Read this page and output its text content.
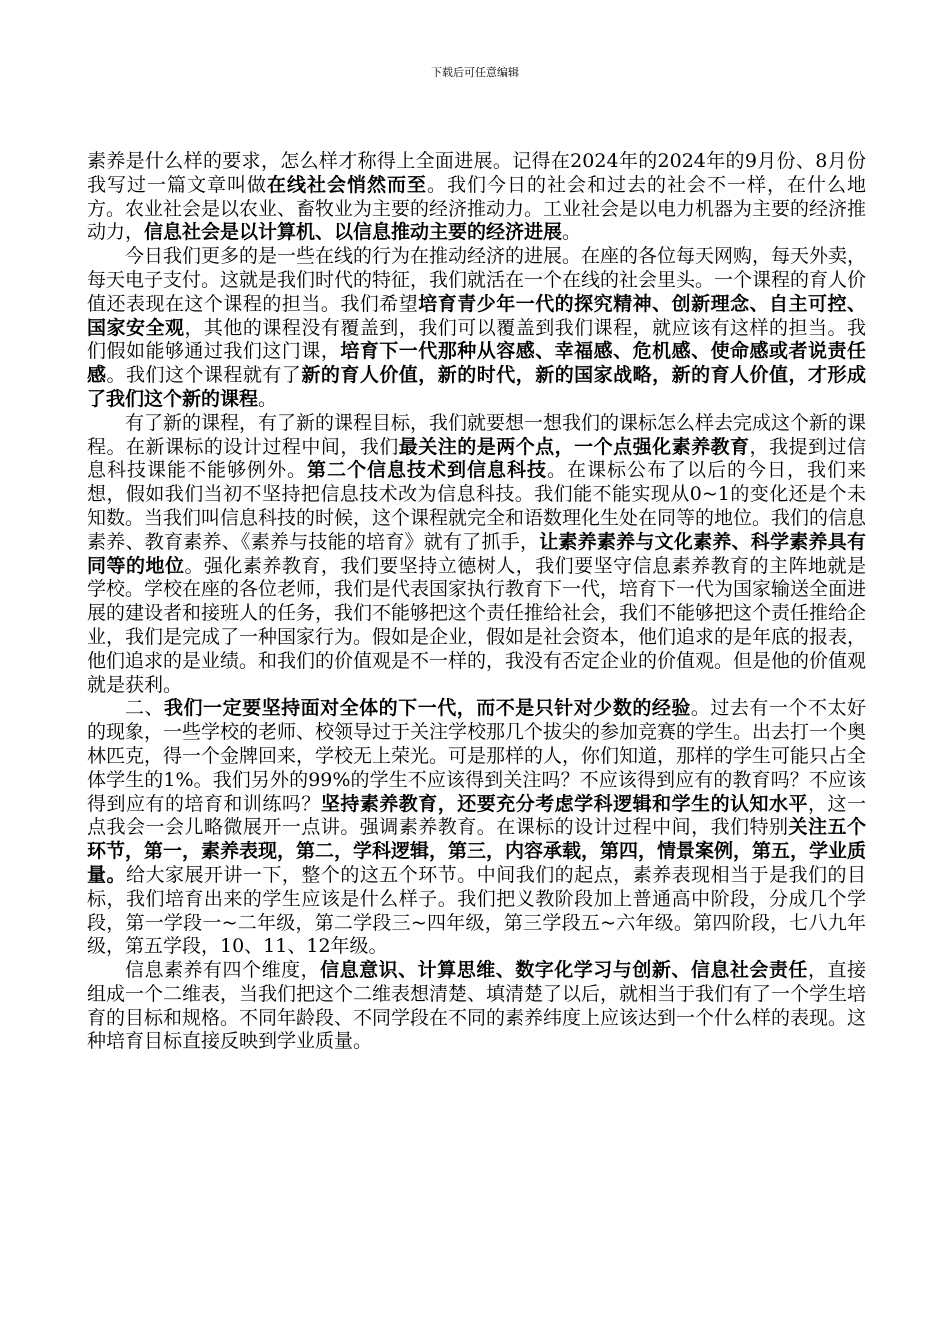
下载后可任意编辑

素养是什么样的要求，怎么样才称得上全面进展。记得在2024年的2024年的9月份、8月份我写过一篇文章叫做在线社会悄然而至。我们今日的社会和过去的社会不一样，在什么地方。农业社会是以农业、畜牧业为主要的经济推动力。工业社会是以电力机器为主要的经济推动力，信息社会是以计算机、以信息推动主要的经济进展。

今日我们更多的是一些在线的行为在推动经济的进展。在座的各位每天网购，每天外卖，每天电子支付。这就是我们时代的特征，我们就活在一个在线的社会里头。一个课程的育人价值还表现在这个课程的担当。我们希望培育青少年一代的探究精神、创新理念、自主可控、国家安全观，其他的课程没有覆盖到，我们可以覆盖到我们课程，就应该有这样的担当。我们假如能够通过我们这门课，培育下一代那种从容感、幸福感、危机感、使命感或者说责任感。我们这个课程就有了新的育人价值，新的时代，新的国家战略，新的育人价值，才形成了我们这个新的课程。

有了新的课程，有了新的课程目标，我们就要想一想我们的课标怎么样去完成这个新的课程。在新课标的设计过程中间，我们最关注的是两个点，一个点强化素养教育，我提到过信息科技课能不能够例外。第二个信息技术到信息科技。在课标公布了以后的今日，我们来想，假如我们当初不坚持把信息技术改为信息科技。我们能不能实现从0~1的变化还是个未知数。当我们叫信息科技的时候，这个课程就完全和语数理化生处在同等的地位。我们的信息素养、教育素养、《素养与技能的培育》就有了抓手，让素养素养与文化素养、科学素养具有同等的地位。强化素养教育，我们要坚持立德树人，我们要坚守信息素养教育的主阵地就是学校。学校在座的各位老师，我们是代表国家执行教育下一代，培育下一代为国家输送全面进展的建设者和接班人的任务，我们不能够把这个责任推给社会，我们不能够把这个责任推给企业，我们是完成了一种国家行为。假如是企业，假如是社会资本，他们追求的是年底的报表，他们追求的是业绩。和我们的价值观是不一样的，我没有否定企业的价值观。但是他的价值观就是获利。

二、我们一定要坚持面对全体的下一代，而不是只针对少数的经验。过去有一个不太好的现象，一些学校的老师、校领导过于关注学校那几个拔尖的参加竞赛的学生。出去打一个奥林匹克，得一个金牌回来，学校无上荣光。可是那样的人，你们知道，那样的学生可能只占全体学生的1%。我们另外的99%的学生不应该得到关注吗？不应该得到应有的教育吗？不应该得到应有的培育和训练吗？坚持素养教育，还要充分考虑学科逻辑和学生的认知水平，这一点我会一会儿略微展开一点讲。强调素养教育。在课标的设计过程中间，我们特别关注五个环节，第一，素养表现，第二，学科逻辑，第三，内容承载，第四，情景案例，第五，学业质量。给大家展开讲一下，整个的这五个环节。中间我们的起点，素养表现相当于是我们的目标，我们培育出来的学生应该是什么样子。我们把义教阶段加上普通高中阶段，分成几个学段，第一学段一~二年级，第二学段三~四年级，第三学段五~六年级。第四阶段，七八九年级，第五学段，10、11、12年级。

信息素养有四个维度，信息意识、计算思维、数字化学习与创新、信息社会责任，直接组成一个二维表，当我们把这个二维表想清楚、填清楚了以后，就相当于我们有了一个学生培育的目标和规格。不同年龄段、不同学段在不同的素养纬度上应该达到一个什么样的表现。这种培育目标直接反映到学业质量。
